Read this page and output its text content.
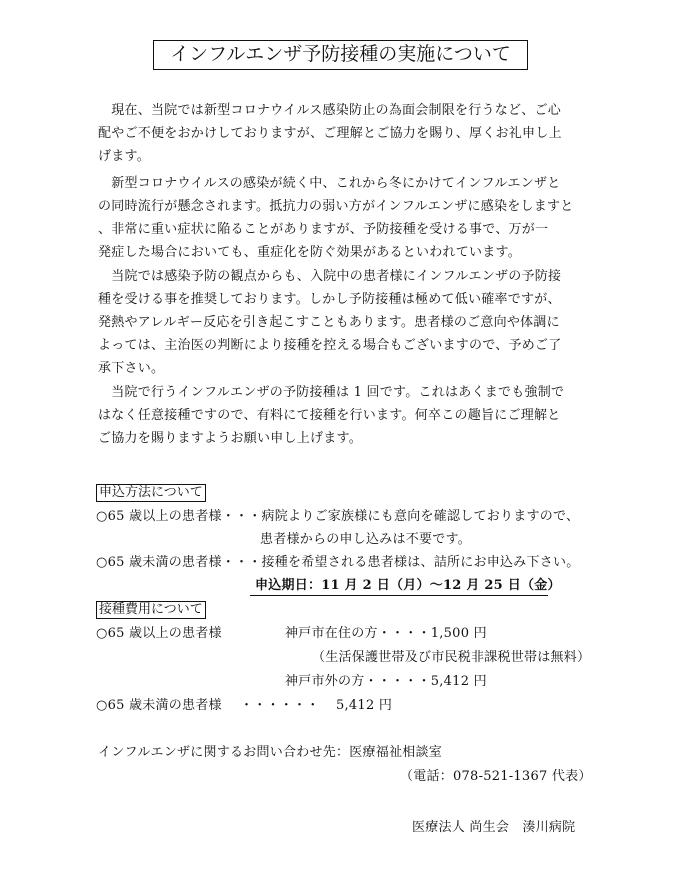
インフルエンザ予防接種の実施について
　現在、当院では新型コロナウイルス感染防止の為面会制限を行うなど、ご心
配やご不便をおかけしておりますが、ご理解とご協力を賜り、厚くお礼申し上
げます。
　新型コロナウイルスの感染が続く中、これから冬にかけてインフルエンザと
の同時流行が懸念されます。抵抗力の弱い方がインフルエンザに感染をしますと
、非常に重い症状に陥ることがありますが、予防接種を受ける事で、万が一
発症した場合においても、重症化を防ぐ効果があるといわれています。
　当院では感染予防の観点からも、入院中の患者様にインフルエンザの予防接
種を受ける事を推奨しております。しかし予防接種は極めて低い確率ですが、
発熱やアレルギー反応を引き起こすこともあります。患者様のご意向や体調に
よっては、主治医の判断により接種を控える場合もございますので、予めご了
承下さい。
　当院で行うインフルエンザの予防接種は 1 回です。これはあくまでも強制で
はなく任意接種ですので、有料にて接種を行います。何卒この趣旨にご理解と
ご協力を賜りますようお願い申し上げます。
申込方法について
○65 歳以上の患者様・・・病院よりご家族様にも意向を確認しておりますので、
患者様からの申し込みは不要です。
○65 歳未満の患者様・・・接種を希望される患者様は、詰所にお申込み下さい。
申込期日：11 月 2 日（月）～12 月 25 日（金）
接種費用について
○65 歳以上の患者様	神戸市在住の方・・・・1,500 円
（生活保護世帯及び市民税非課税世帯は無料）
神戸市外の方・・・・・5,412 円
○65 歳未満の患者様 ・・・・・・ 5,412 円
インフルエンザに関するお問い合わせ先：医療福祉相談室
（電話：078-521-1367 代表）
医療法人 尚生会　湊川病院
